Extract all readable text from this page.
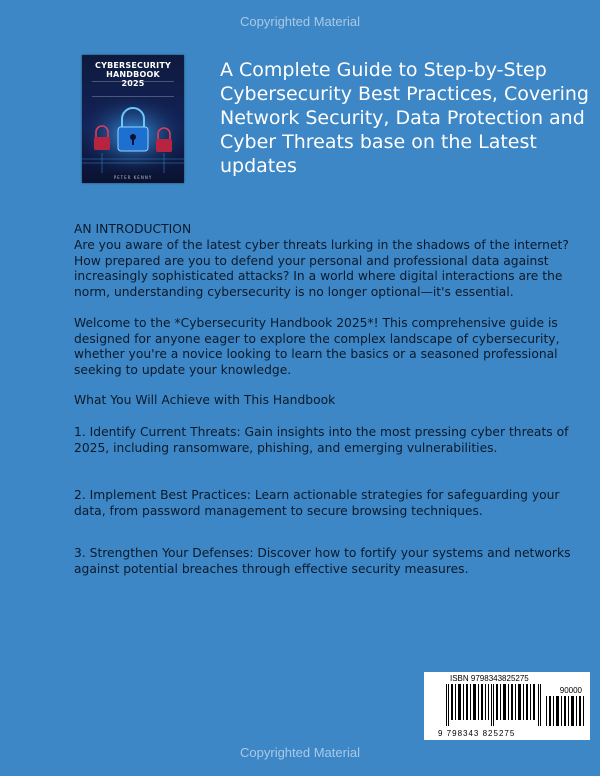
Copyrighted Material
CYBERSECURITY
HANDBOOK
2025
PETER KENNY
A Complete Guide to Step-by-Step Cybersecurity Best Practices, Covering Network Security, Data Protection and Cyber Threats base on the Latest updates
AN INTRODUCTION
Are you aware of the latest cyber threats lurking in the shadows of the internet? How prepared are you to defend your personal and professional data against increasingly sophisticated attacks? In a world where digital interactions are the norm, understanding cybersecurity is no longer optional—it's essential.
Welcome to the *Cybersecurity Handbook 2025*! This comprehensive guide is designed for anyone eager to explore the complex landscape of cybersecurity, whether you're a novice looking to learn the basics or a seasoned professional seeking to update your knowledge.
What You Will Achieve with This Handbook
1. Identify Current Threats: Gain insights into the most pressing cyber threats of 2025, including ransomware, phishing, and emerging vulnerabilities.
2. Implement Best Practices: Learn actionable strategies for safeguarding your data, from password management to secure browsing techniques.
3. Strengthen Your Defenses: Discover how to fortify your systems and networks against potential breaches through effective security measures.
ISBN 9798343825275
90000
9 798343 825275
Copyrighted Material
